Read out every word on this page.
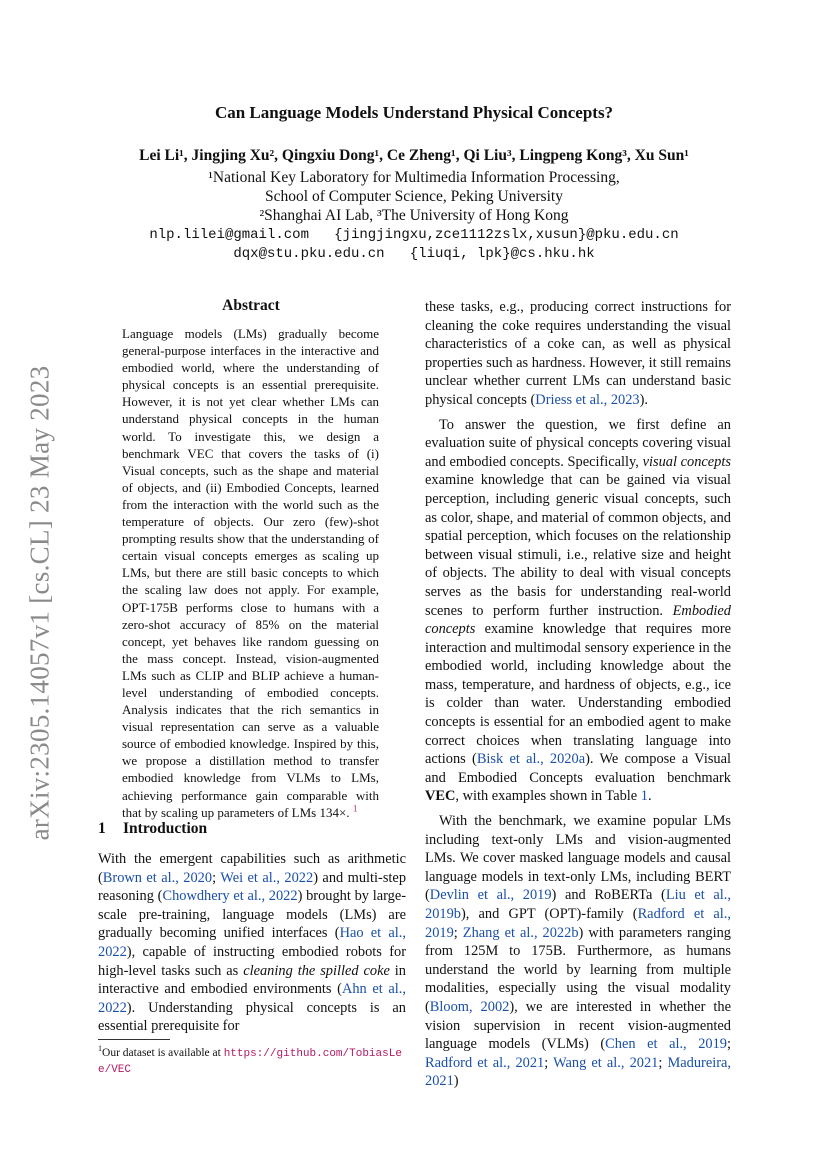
arXiv:2305.14057v1 [cs.CL] 23 May 2023
Can Language Models Understand Physical Concepts?
Lei Li¹, Jingjing Xu², Qingxiu Dong¹, Ce Zheng¹, Qi Liu³, Lingpeng Kong³, Xu Sun¹
¹National Key Laboratory for Multimedia Information Processing,
School of Computer Science, Peking University
²Shanghai AI Lab, ³The University of Hong Kong
nlp.lilei@gmail.com   {jingjingxu,zce1112zslx,xusun}@pku.edu.cn
dqx@stu.pku.edu.cn   {liuqi, lpk}@cs.hku.hk
Abstract
Language models (LMs) gradually become general-purpose interfaces in the interactive and embodied world, where the understanding of physical concepts is an essential prerequisite. However, it is not yet clear whether LMs can understand physical concepts in the human world. To investigate this, we design a benchmark VEC that covers the tasks of (i) Visual concepts, such as the shape and material of objects, and (ii) Embodied Concepts, learned from the interaction with the world such as the temperature of objects. Our zero (few)-shot prompting results show that the understanding of certain visual concepts emerges as scaling up LMs, but there are still basic concepts to which the scaling law does not apply. For example, OPT-175B performs close to humans with a zero-shot accuracy of 85% on the material concept, yet behaves like random guessing on the mass concept. Instead, vision-augmented LMs such as CLIP and BLIP achieve a human-level understanding of embodied concepts. Analysis indicates that the rich semantics in visual representation can serve as a valuable source of embodied knowledge. Inspired by this, we propose a distillation method to transfer embodied knowledge from VLMs to LMs, achieving performance gain comparable with that by scaling up parameters of LMs 134×. $^1$
1 Introduction
With the emergent capabilities such as arithmetic (Brown et al., 2020; Wei et al., 2022) and multi-step reasoning (Chowdhery et al., 2022) brought by large-scale pre-training, language models (LMs) are gradually becoming unified interfaces (Hao et al., 2022), capable of instructing embodied robots for high-level tasks such as cleaning the spilled coke in interactive and embodied environments (Ahn et al., 2022). Understanding physical concepts is an essential prerequisite for

these tasks, e.g., producing correct instructions for cleaning the coke requires understanding the visual characteristics of a coke can, as well as physical properties such as hardness. However, it still remains unclear whether current LMs can understand basic physical concepts (Driess et al., 2023).

To answer the question, we first define an evaluation suite of physical concepts covering visual and embodied concepts. Specifically, visual concepts examine knowledge that can be gained via visual perception, including generic visual concepts, such as color, shape, and material of common objects, and spatial perception, which focuses on the relationship between visual stimuli, i.e., relative size and height of objects. The ability to deal with visual concepts serves as the basis for understanding real-world scenes to perform further instruction. Embodied concepts examine knowledge that requires more interaction and multimodal sensory experience in the embodied world, including knowledge about the mass, temperature, and hardness of objects, e.g., ice is colder than water. Understanding embodied concepts is essential for an embodied agent to make correct choices when translating language into actions (Bisk et al., 2020a). We compose a Visual and Embodied Concepts evaluation benchmark VEC, with examples shown in Table 1.

With the benchmark, we examine popular LMs including text-only LMs and vision-augmented LMs. We cover masked language models and causal language models in text-only LMs, including BERT (Devlin et al., 2019) and RoBERTa (Liu et al., 2019b), and GPT (OPT)-family (Radford et al., 2019; Zhang et al., 2022b) with parameters ranging from 125M to 175B. Furthermore, as humans understand the world by learning from multiple modalities, especially using the visual modality (Bloom, 2002), we are interested in whether the vision supervision in recent vision-augmented language models (VLMs) (Chen et al., 2019; Radford et al., 2021; Wang et al., 2021; Madureira, 2021)

$^1$Our dataset is available at https://github.com/TobiasLee/VEC
